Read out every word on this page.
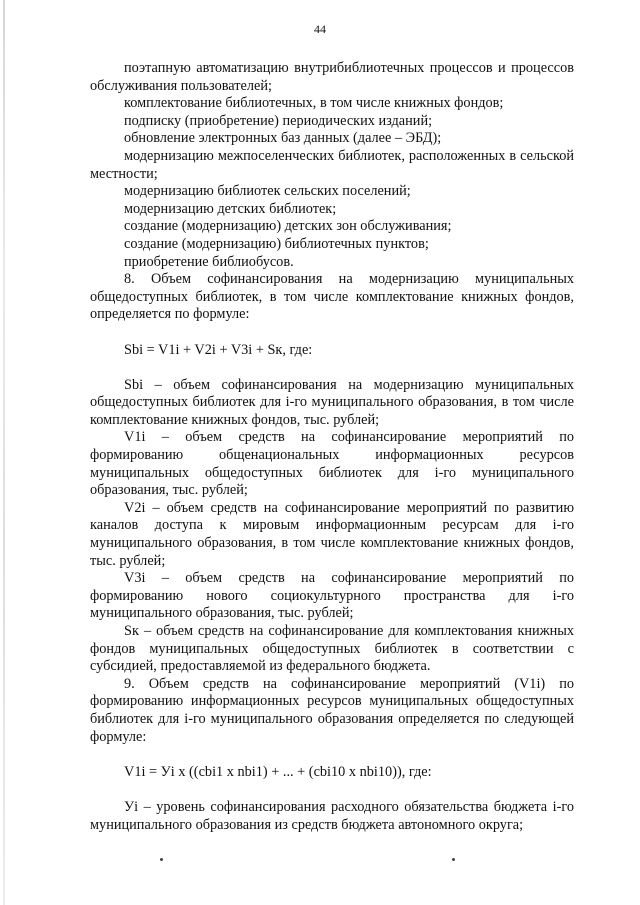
44

поэтапную автоматизацию внутрибиблиотечных процессов и процессов обслуживания пользователей;

комплектование библиотечных, в том числе книжных фондов;

подписку (приобретение) периодических изданий;

обновление электронных баз данных (далее – ЭБД);

модернизацию межпоселенческих библиотек, расположенных в сельской местности;

модернизацию библиотек сельских поселений;

модернизацию детских библиотек;

создание (модернизацию) детских зон обслуживания;

создание (модернизацию) библиотечных пунктов;

приобретение библиобусов.

8. Объем софинансирования на модернизацию муниципальных общедоступных библиотек, в том числе комплектование книжных фондов, определяется по формуле:

Sbi = V1i + V2i + V3i + Sк, где:

Sbi – объем софинансирования на модернизацию муниципальных общедоступных библиотек для i-го муниципального образования, в том числе комплектование книжных фондов, тыс. рублей;

V1i – объем средств на софинансирование мероприятий по формированию общенациональных информационных ресурсов муниципальных общедоступных библиотек для i-го муниципального образования, тыс. рублей;

V2i – объем средств на софинансирование мероприятий по развитию каналов доступа к мировым информационным ресурсам для i-го муниципального образования, в том числе комплектование книжных фондов, тыс. рублей;

V3i – объем средств на софинансирование мероприятий по формированию нового социокультурного пространства для i-го муниципального образования, тыс. рублей;

Sк – объем средств на софинансирование для комплектования книжных фондов муниципальных общедоступных библиотек в соответствии с субсидией, предоставляемой из федерального бюджета.

9. Объем средств на софинансирование мероприятий (V1i) по формированию информационных ресурсов муниципальных общедоступных библиотек для i-го муниципального образования определяется по следующей формуле:

V1i = Уi x ((cbi1 x nbi1) + ... + (cbi10 x nbi10)), где:

Уi – уровень софинансирования расходного обязательства бюджета i-го муниципального образования из средств бюджета автономного округа;
